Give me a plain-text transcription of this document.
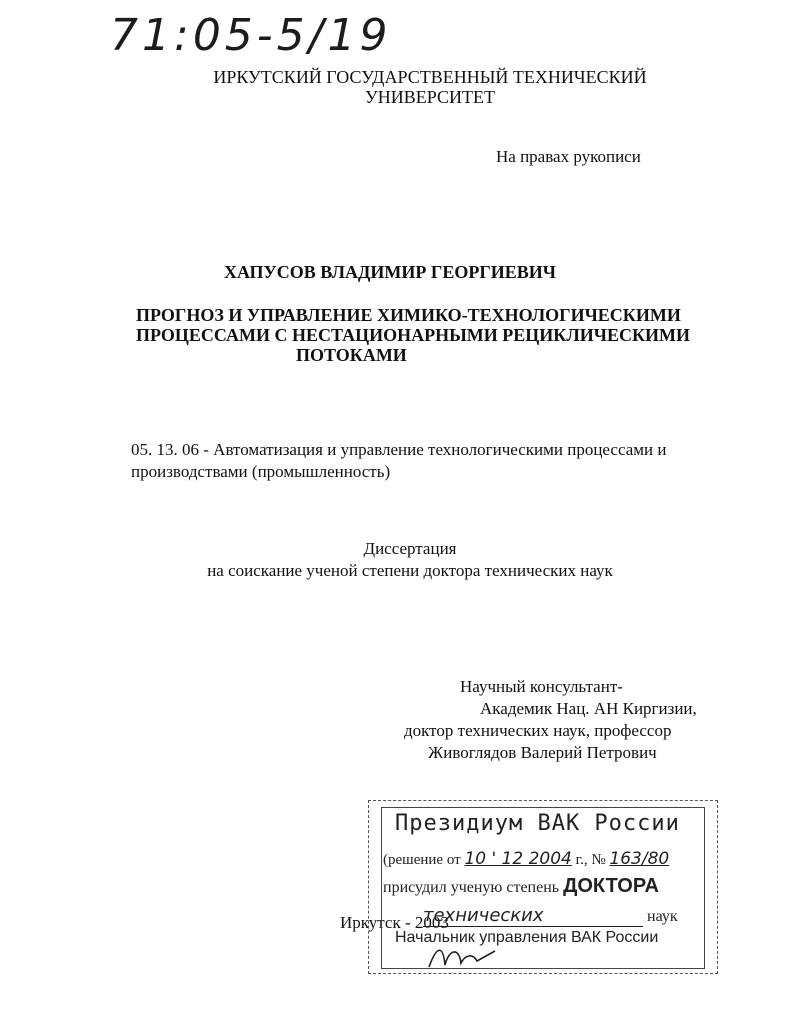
71:05-5/19
ИРКУТСКИЙ ГОСУДАРСТВЕННЫЙ ТЕХНИЧЕСКИЙ
УНИВЕРСИТЕТ
На правах рукописи
ХАПУСОВ ВЛАДИМИР ГЕОРГИЕВИЧ
ПРОГНОЗ И УПРАВЛЕНИЕ ХИМИКО-ТЕХНОЛОГИЧЕСКИМИ
ПРОЦЕССАМИ С НЕСТАЦИОНАРНЫМИ РЕЦИКЛИЧЕСКИМИ
ПОТОКАМИ
05. 13. 06 - Автоматизация и управление технологическими процессами и
производствами (промышленность)
Диссертация
на соискание ученой степени доктора технических наук
Научный консультант-
Академик Нац. АН Киргизии,
доктор технических наук, профессор
Живоглядов Валерий Петрович
Иркутск - 2003
Президиум ВАК России
(решение от 10 ' 12 2004 г., № 163/80
присудил ученую степень ДОКТОРА
технических	наук
Начальник управления ВАК России
